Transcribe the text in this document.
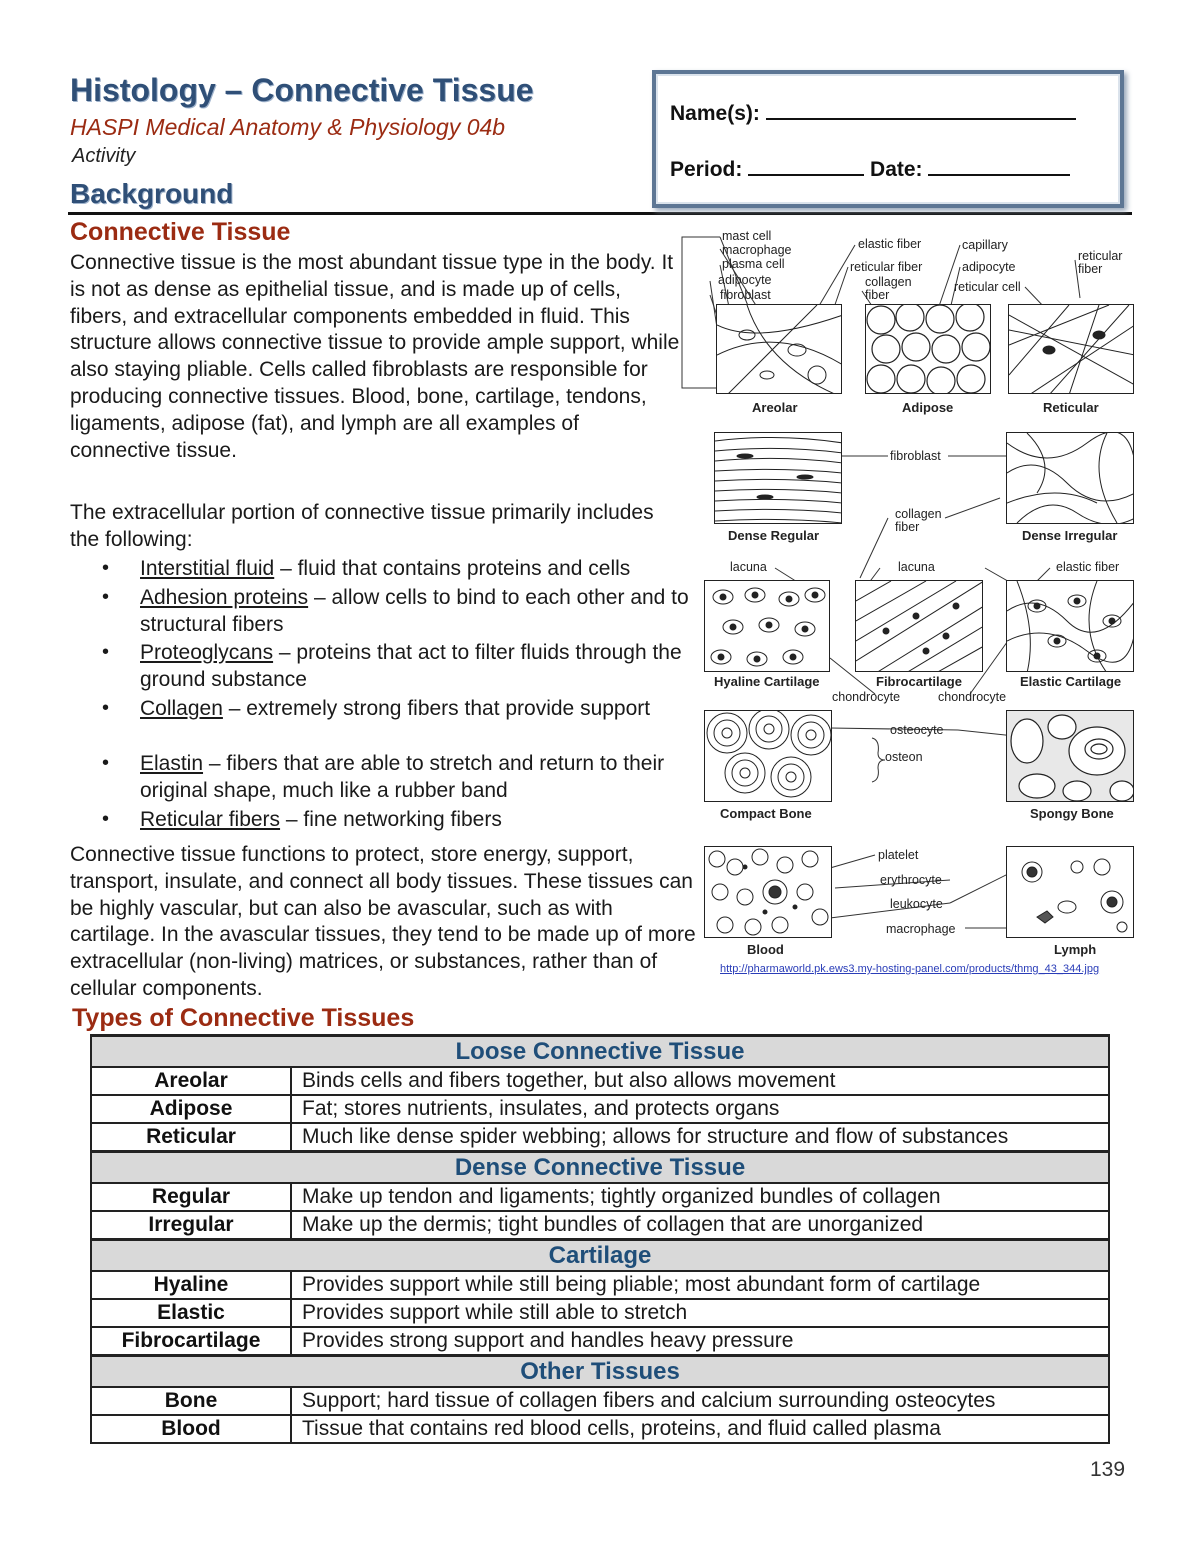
Histology – Connective Tissue
HASPI Medical Anatomy & Physiology 04b
Activity
Background
Name(s):
Period:	Date:
Connective Tissue

Connective tissue is the most abundant tissue type in the body. It is not as dense as epithelial tissue, and is made up of cells, fibers, and extracellular components embedded in fluid. This structure allows connective tissue to provide ample support, while also staying pliable. Cells called fibroblasts are responsible for producing connective tissues. Blood, bone, cartilage, tendons, ligaments, adipose (fat), and lymph are all examples of connective tissue.

The extracellular portion of connective tissue primarily includes the following:

• Interstitial fluid – fluid that contains proteins and cells
• Adhesion proteins – allow cells to bind to each other and to structural fibers
• Proteoglycans – proteins that act to filter fluids through the ground substance
• Collagen – extremely strong fibers that provide support
• Elastin – fibers that are able to stretch and return to their original shape, much like a rubber band
• Reticular fibers – fine networking fibers

Connective tissue functions to protect, store energy, support, transport, insulate, and connect all body tissues. These tissues can be highly vascular, but can also be avascular, such as with cartilage. In the avascular tissues, they tend to be made up of more extracellular (non-living) matrices, or substances, rather than of cellular components.

Areolar	Adipose	Reticular
mast cell
macrophage
plasma cell
adipocyte
fibroblast
elastic fiber
reticular fiber
collagen fiber
capillary
adipocyte
reticular cell
reticular fiber
Dense Regular	Dense Irregular
fibroblast
collagen fiber
lacuna	lacuna	elastic fiber
Hyaline Cartilage	Fibrocartilage	Elastic Cartilage
chondrocyte	chondrocyte
osteocyte
osteon
Compact Bone	Spongy Bone
platelet
erythrocyte
leukocyte
macrophage
Blood	Lymph
http://pharmaworld.pk.ews3.my-hosting-panel.com/products/thmg_43_344.jpg
Types of Connective Tissues
Loose Connective Tissue	
Areolar	Binds cells and fibers together, but also allows movement
Adipose	Fat; stores nutrients, insulates, and protects organs
Reticular	Much like dense spider webbing; allows for structure and flow of substances
Dense Connective Tissue	
Regular	Make up tendon and ligaments; tightly organized bundles of collagen
Irregular	Make up the dermis; tight bundles of collagen that are unorganized
Cartilage	
Hyaline	Provides support while still being pliable; most abundant form of cartilage
Elastic	Provides support while still able to stretch
Fibrocartilage	Provides strong support and handles heavy pressure
Other Tissues	
Bone	Support; hard tissue of collagen fibers and calcium surrounding osteocytes
Blood	Tissue that contains red blood cells, proteins, and fluid called plasma
139
